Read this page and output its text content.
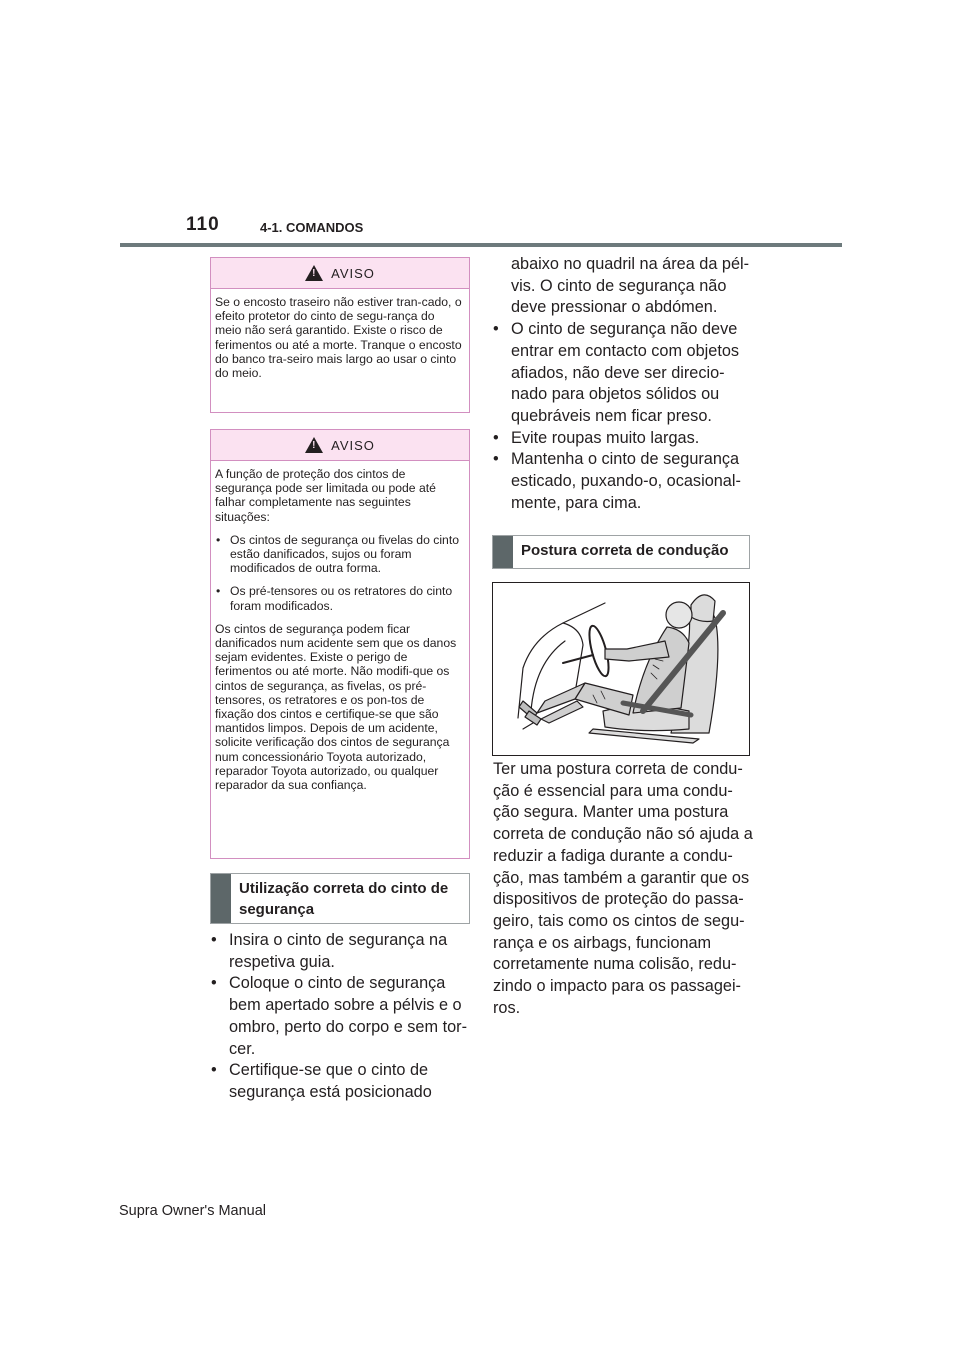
110	4-1. COMANDOS
! AVISO

Se o encosto traseiro não estiver tran-cado, o efeito protetor do cinto de segu-rança do meio não será garantido. Existe o risco de ferimentos ou até a morte. Tranque o encosto do banco tra-seiro mais largo ao usar o cinto do meio.

! AVISO

A função de proteção dos cintos de segurança pode ser limitada ou pode até falhar completamente nas seguintes situações:

• Os cintos de segurança ou fivelas do cinto estão danificados, sujos ou foram modificados de outra forma.
• Os pré-tensores ou os retratores do cinto foram modificados.

Os cintos de segurança podem ficar danificados num acidente sem que os danos sejam evidentes. Existe o perigo de ferimentos ou até morte. Não modifi-que os cintos de segurança, as fivelas, os pré-tensores, os retratores e os pon-tos de fixação dos cintos e certifique-se que são mantidos limpos. Depois de um acidente, solicite verificação dos cintos de segurança num concessionário Toyota autorizado, reparador Toyota autorizado, ou qualquer reparador da sua confiança.

Utilização correta do cinto de segurança
• Insira o cinto de segurança na respetiva guia.
• Coloque o cinto de segurança bem apertado sobre a pélvis e o ombro, perto do corpo e sem tor-cer.
• Certifique-se que o cinto de segurança está posicionado
abaixo no quadril na área da pél-vis. O cinto de segurança não deve pressionar o abdómen.
• O cinto de segurança não deve entrar em contacto com objetos afiados, não deve ser direcio-nado para objetos sólidos ou quebráveis nem ficar preso.
• Evite roupas muito largas.
• Mantenha o cinto de segurança esticado, puxando-o, ocasional-mente, para cima.
Postura correta de condução
Ter uma postura correta de condu-ção é essencial para uma condu-ção segura. Manter uma postura correta de condução não só ajuda a reduzir a fadiga durante a condu-ção, mas também a garantir que os dispositivos de proteção do passa-geiro, tais como os cintos de segu-rança e os airbags, funcionam corretamente numa colisão, redu-zindo o impacto para os passagei-ros.
Supra Owner's Manual
